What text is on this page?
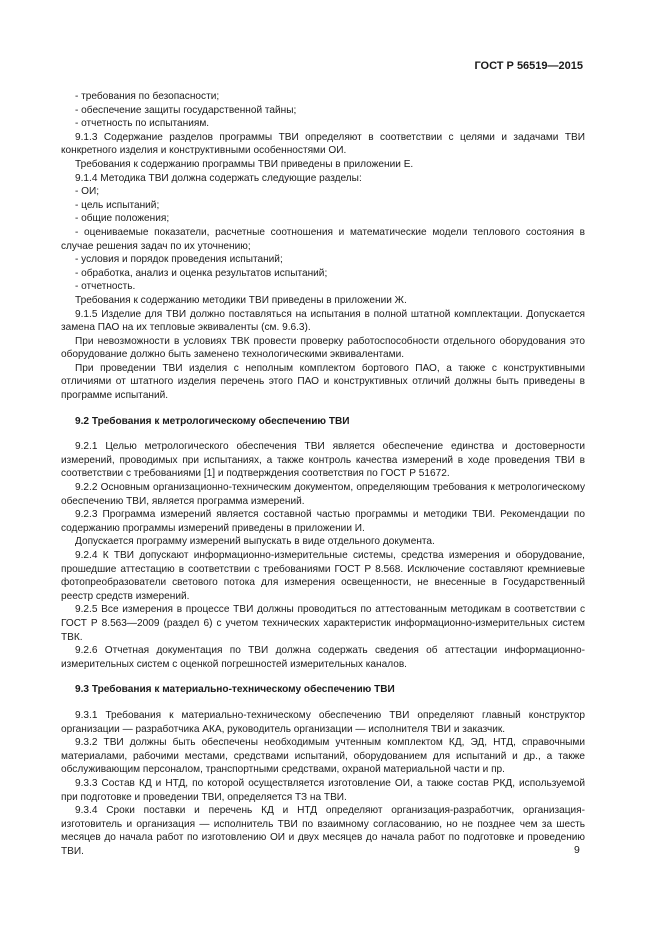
ГОСТ Р 56519—2015

- требования по безопасности;

- обеспечение защиты государственной тайны;

- отчетность по испытаниям.

9.1.3 Содержание разделов программы ТВИ определяют в соответствии с целями и задачами ТВИ конкретного изделия и конструктивными особенностями ОИ.

Требования к содержанию программы ТВИ приведены в приложении Е.

9.1.4 Методика ТВИ должна содержать следующие разделы:

- ОИ;

- цель испытаний;

- общие положения;

- оцениваемые показатели, расчетные соотношения и математические модели теплового состояния в случае решения задач по их уточнению;

- условия и порядок проведения испытаний;

- обработка, анализ и оценка результатов испытаний;

- отчетность.

Требования к содержанию методики ТВИ приведены в приложении Ж.

9.1.5 Изделие для ТВИ должно поставляться на испытания в полной штатной комплектации. Допускается замена ПАО на их тепловые эквиваленты (см. 9.6.3).

При невозможности в условиях ТВК провести проверку работоспособности отдельного оборудования это оборудование должно быть заменено технологическими эквивалентами.

При проведении ТВИ изделия с неполным комплектом бортового ПАО, а также с конструктивными отличиями от штатного изделия перечень этого ПАО и конструктивных отличий должны быть приведены в программе испытаний.

9.2 Требования к метрологическому обеспечению ТВИ

9.2.1 Целью метрологического обеспечения ТВИ является обеспечение единства и достоверности измерений, проводимых при испытаниях, а также контроль качества измерений в ходе проведения ТВИ в соответствии с требованиями [1] и подтверждения соответствия по ГОСТ Р 51672.

9.2.2 Основным организационно-техническим документом, определяющим требования к метрологическому обеспечению ТВИ, является программа измерений.

9.2.3 Программа измерений является составной частью программы и методики ТВИ. Рекомендации по содержанию программы измерений приведены в приложении И.

Допускается программу измерений выпускать в виде отдельного документа.

9.2.4 К ТВИ допускают информационно-измерительные системы, средства измерения и оборудование, прошедшие аттестацию в соответствии с требованиями ГОСТ Р 8.568. Исключение составляют кремниевые фотопреобразователи светового потока для измерения освещенности, не внесенные в Государственный реестр средств измерений.

9.2.5 Все измерения в процессе ТВИ должны проводиться по аттестованным методикам в соответствии с ГОСТ Р 8.563—2009 (раздел 6) с учетом технических характеристик информационно-измерительных систем ТВК.

9.2.6 Отчетная документация по ТВИ должна содержать сведения об аттестации информационно-измерительных систем с оценкой погрешностей измерительных каналов.

9.3 Требования к материально-техническому обеспечению ТВИ

9.3.1 Требования к материально-техническому обеспечению ТВИ определяют главный конструктор организации — разработчика АКА, руководитель организации — исполнителя ТВИ и заказчик.

9.3.2 ТВИ должны быть обеспечены необходимым учтенным комплектом КД, ЭД, НТД, справочными материалами, рабочими местами, средствами испытаний, оборудованием для испытаний и др., а также обслуживающим персоналом, транспортными средствами, охраной материальной части и пр.

9.3.3 Состав КД и НТД, по которой осуществляется изготовление ОИ, а также состав РКД, используемой при подготовке и проведении ТВИ, определяется ТЗ на ТВИ.

9.3.4 Сроки поставки и перечень КД и НТД определяют организация-разработчик, организация-изготовитель и организация — исполнитель ТВИ по взаимному согласованию, но не позднее чем за шесть месяцев до начала работ по изготовлению ОИ и двух месяцев до начала работ по подготовке и проведению ТВИ.	9
